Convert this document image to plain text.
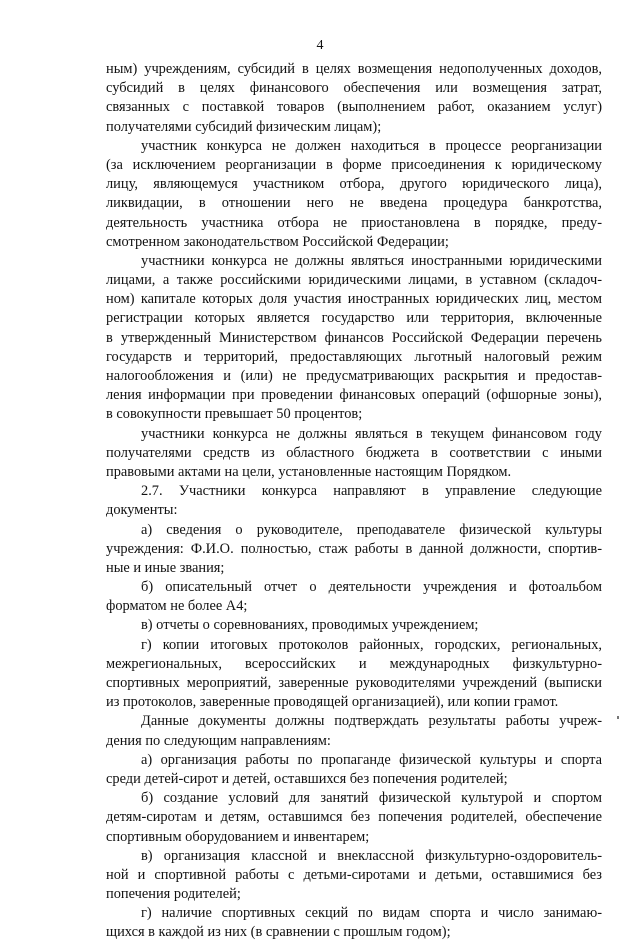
4
ным) учреждениям, субсидий в целях возмещения недополученных доходов,
субсидий в целях финансового обеспечения или возмещения затрат,
связанных с поставкой товаров (выполнением работ, оказанием услуг)
получателями субсидий физическим лицам);
участник конкурса не должен находиться в процессе реорганизации
(за исключением реорганизации в форме присоединения к юридическому
лицу, являющемуся участником отбора, другого юридического лица),
ликвидации, в отношении него не введена процедура банкротства,
деятельность участника отбора не приостановлена в порядке, преду-
смотренном законодательством Российской Федерации;
участники конкурса не должны являться иностранными юридическими
лицами, а также российскими юридическими лицами, в уставном (складоч-
ном) капитале которых доля участия иностранных юридических лиц, местом
регистрации которых является государство или территория, включенные
в утвержденный Министерством финансов Российской Федерации перечень
государств и территорий, предоставляющих льготный налоговый режим
налогообложения и (или) не предусматривающих раскрытия и предостав-
ления информации при проведении финансовых операций (офшорные зоны),
в совокупности превышает 50 процентов;
участники конкурса не должны являться в текущем финансовом году
получателями средств из областного бюджета в соответствии с иными
правовыми актами на цели, установленные настоящим Порядком.
2.7. Участники конкурса направляют в управление следующие
документы:
а) сведения о руководителе, преподавателе физической культуры
учреждения: Ф.И.О. полностью, стаж работы в данной должности, спортив-
ные и иные звания;
б) описательный отчет о деятельности учреждения и фотоальбом
форматом не более А4;
в) отчеты о соревнованиях, проводимых учреждением;
г) копии итоговых протоколов районных, городских, региональных,
межрегиональных, всероссийских и международных физкультурно-
спортивных мероприятий, заверенные руководителями учреждений (выписки
из протоколов, заверенные проводящей организацией), или копии грамот.
Данные документы должны подтверждать результаты работы учреж-
дения по следующим направлениям:
а) организация работы по пропаганде физической культуры и спорта
среди детей-сирот и детей, оставшихся без попечения родителей;
б) создание условий для занятий физической культурой и спортом
детям-сиротам и детям, оставшимся без попечения родителей, обеспечение
спортивным оборудованием и инвентарем;
в) организация классной и внеклассной физкультурно-оздоровитель-
ной и спортивной работы с детьми-сиротами и детьми, оставшимися без
попечения родителей;
г) наличие спортивных секций по видам спорта и число занимаю-
щихся в каждой из них (в сравнении с прошлым годом);
